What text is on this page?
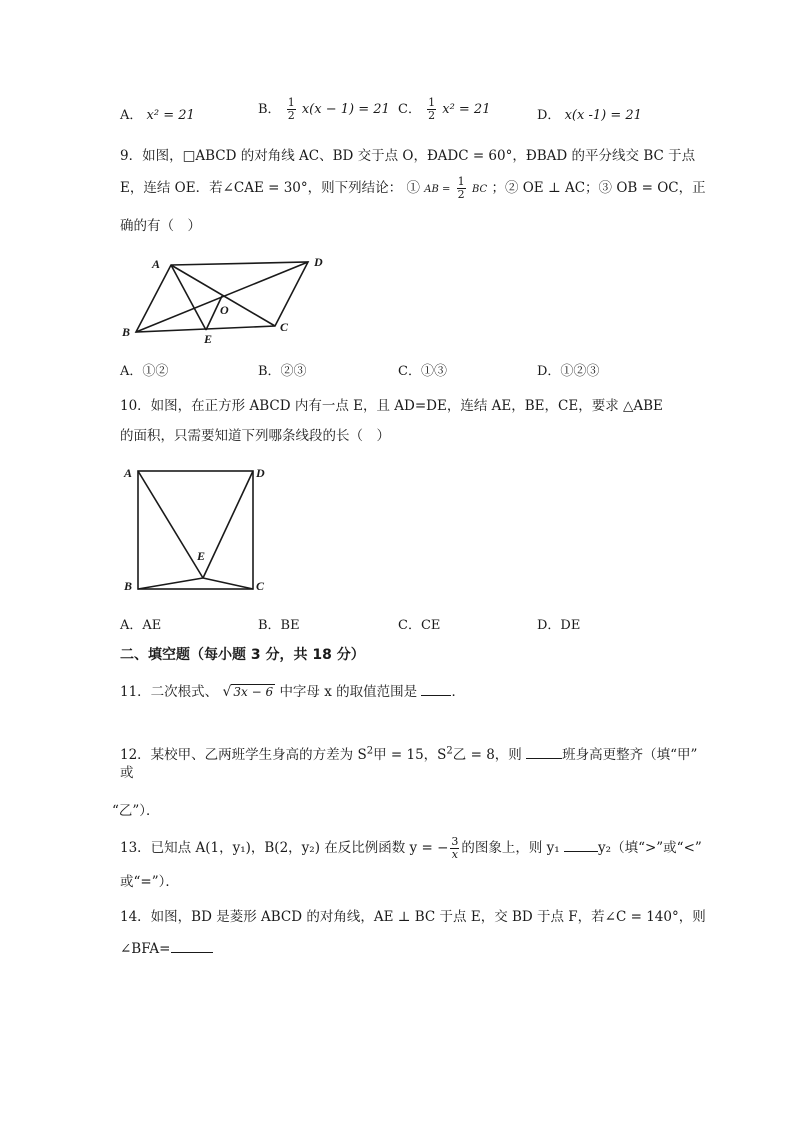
A． x² = 21	B． $\frac{1}{2} x(x - 1) = 21$ C． $\frac{1}{2} x^2 = 21$	D． x(x -1) = 21
9．如图，□ABCD 的对角线 AC、BD 交于点 O，ÐADC = 60°，ÐBAD 的平分线交 BC 于点
E，连结 OE．若∠CAE = 30°，则下列结论： ① AB = $\frac{1}{2}$ BC ；② OE ⊥ AC；③ OB = OC，正
确的有（　）
A	D
B	C
E
O
A．①②	B．②③	C．①③	D．①②③
10．如图，在正方形 ABCD 内有一点 E，且 AD=DE，连结 AE，BE，CE，要求 △ABE
的面积，只需要知道下列哪条线段的长（　）
A	D
B	C
E
A．AE	B．BE	C．CE	D．DE
二、填空题（每小题 3 分，共 18 分）
11．二次根式、 √ 3x − 6 中字母 x 的取值范围是	．
12．某校甲、乙两班学生身高的方差为 $S^2$甲 = 15，$S^2$乙 = 8，则	班身高更整齐（填“甲”
或
“乙”）．
13．已知点 A(1，y₁)，B(2，y₂) 在反比例函数 y = − $\frac{3}{x}$ 的图象上，则 y₁	y₂（填“>”或“<”
或“=”）．
14．如图，BD 是菱形 ABCD 的对角线，AE ⊥ BC 于点 E，交 BD 于点 F，若∠C = 140°，则
∠BFA=
